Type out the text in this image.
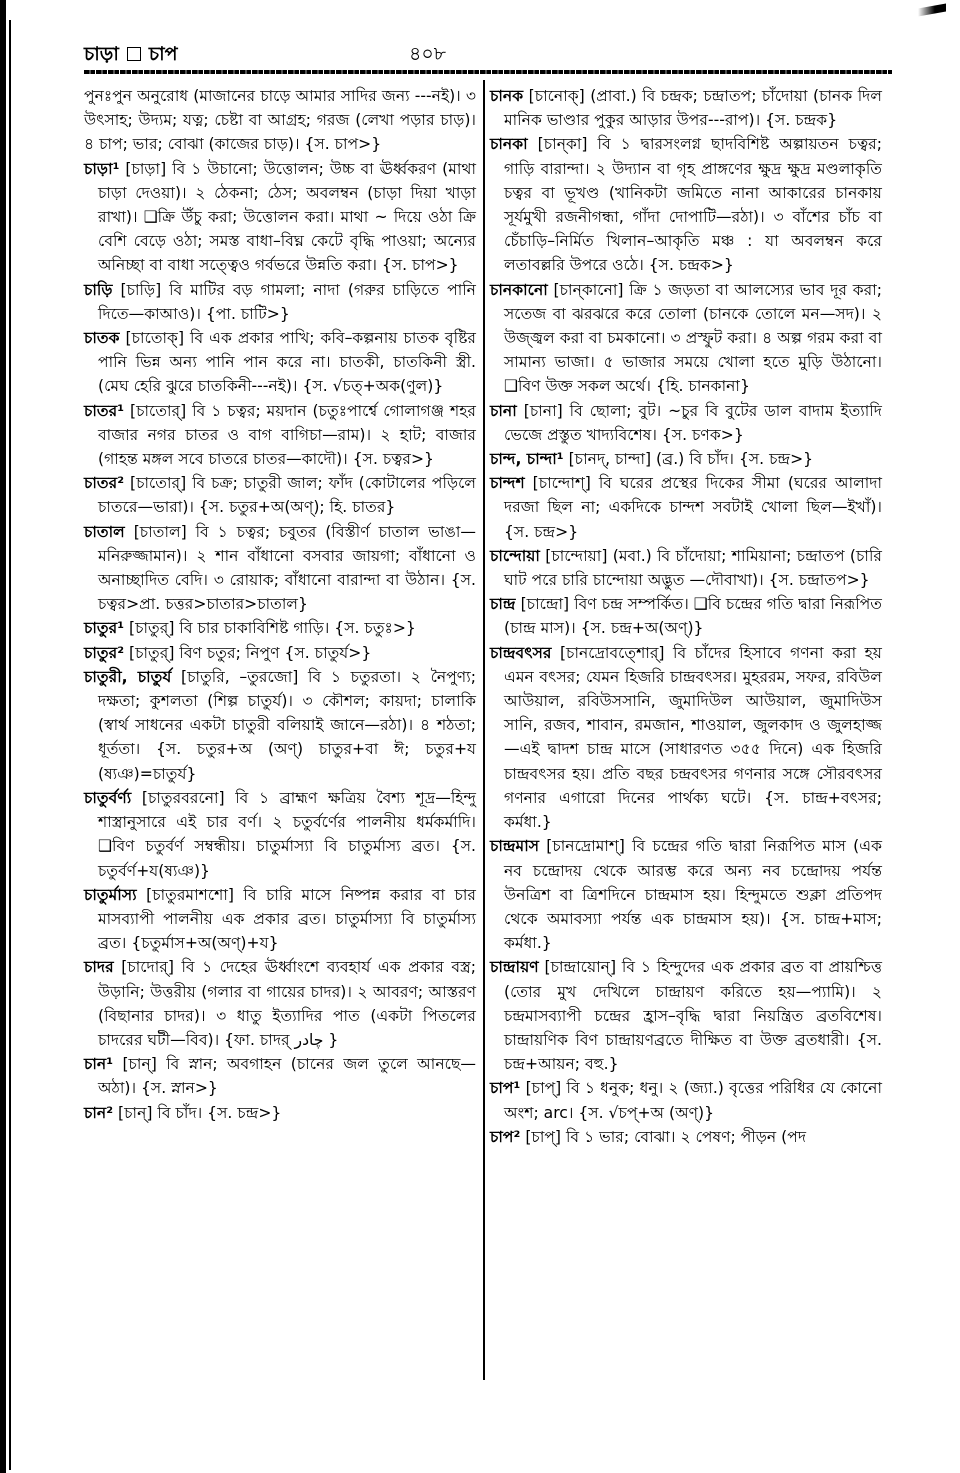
চাড়া চাপ	৪০৮

পুনঃপুন অনুরোধ (মাজানের চাড়ে আমার সাদির জন্য ---নই)। ৩ উৎসাহ; উদ্যম; যত্ন; চেষ্টা বা আগ্রহ; গরজ (লেখা পড়ার চাড়)। ৪ চাপ; ভার; বোঝা (কাজের চাড়)। {স. চাপ>}

চাড়া¹ [চাড়া] বি ১ উচানো; উত্তোলন; উচ্চ বা ঊর্ধ্বকরণ (মাথা চাড়া দেওয়া)। ২ ঠেকনা; ঠেস; অবলম্বন (চাড়া দিয়া খাড়া রাখা)। ❑ক্রি উঁচু করা; উত্তোলন করা। মাথা ~ দিয়ে ওঠা ক্রি বেশি বেড়ে ওঠা; সমস্ত বাধা–বিঘ্ন কেটে বৃদ্ধি পাওয়া; অন্যের অনিচ্ছা বা বাধা সত্ত্বেও গর্বভরে উন্নতি করা। {স. চাপ>}

চাড়ি [চাড়ি] বি মাটির বড় গামলা; নাদা (গরুর চাড়িতে পানি দিতে—কাআও)। {পা. চাটি>}

চাতক [চাতোক্] বি এক প্রকার পাখি; কবি–কল্পনায় চাতক বৃষ্টির পানি ভিন্ন অন্য পানি পান করে না। চাতকী, চাতকিনী স্ত্রী. (মেঘ হেরি ঝুরে চাতকিনী---নই)। {স. √চত্+অক(ণুল)}

চাতর¹ [চাতোর্] বি ১ চত্বর; ময়দান (চতুঃপার্শ্বে গোলাগঞ্জ শহর বাজার নগর চাতর ও বাগ বাগিচা—রাম)। ২ হাট; বাজার (গাহন্ত মঙ্গল সবে চাতরে চাতর—কাদৌ)। {স. চত্বর>}

চাতর² [চাতোর্] বি চক্র; চাতুরী জাল; ফাঁদ (কোটালের পড়িলে চাতরে—ভারা)। {স. চতুর+অ(অণ্); হি. চাতর}

চাতাল [চাতাল] বি ১ চত্বর; চবুতর (বিস্তীর্ণ চাতাল ভাঙা—মনিরুজ্জামান)। ২ শান বাঁধানো বসবার জায়গা; বাঁধানো ও অনাচ্ছাদিত বেদি। ৩ রোয়াক; বাঁধানো বারান্দা বা উঠান। {স. চত্বর>প্রা. চত্তর>চাতার>চাতাল}

চাতুর¹ [চাতুর্] বি চার চাকাবিশিষ্ট গাড়ি। {স. চতুঃ>}

চাতুর² [চাতুর্] বিণ চতুর; নিপুণ {স. চাতুর্য>}

চাতুরী, চাতুর্য [চাতুরি, –তুরজো] বি ১ চতুরতা। ২ নৈপুণ্য; দক্ষতা; কুশলতা (শিল্প চাতুর্য)। ৩ কৌশল; কায়দা; চালাকি (স্বার্থ সাধনের একটা চাতুরী বলিয়াই জানে—রঠা)। ৪ শঠতা; ধূর্ততা। {স. চতুর+অ (অণ্) চাতুর+বা ঈ; চতুর+য (ষ্যঞ)=চাতুর্য}

চাতুর্বর্ণ্য [চাতুরবরনো] বি ১ ব্রাহ্মণ ক্ষত্রিয় বৈশ্য শূদ্র—হিন্দু শাস্ত্রানুসারে এই চার বর্ণ। ২ চতুর্বর্ণের পালনীয় ধর্মকর্মাদি। ❑বিণ চতুর্বর্ণ সম্বন্ধীয়। চাতুর্মাস্যা বি চাতুর্মাস্য ব্রত। {স. চতুর্বর্ণ+য(ষ্যঞ)}

চাতুর্মাস্য [চাতুরমাশশো] বি চারি মাসে নিষ্পন্ন করার বা চার মাসব্যাপী পালনীয় এক প্রকার ব্রত। চাতুর্মাস্যা বি চাতুর্মাস্য ব্রত। {চতুর্মাস+অ(অণ্)+য}

চাদর [চাদোর্] বি ১ দেহের ঊর্ধ্বাংশে ব্যবহার্য এক প্রকার বস্ত্র; উড়ানি; উত্তরীয় (গলার বা গায়ের চাদর)। ২ আবরণ; আস্তরণ (বিছানার চাদর)। ৩ ধাতু ইত্যাদির পাত (একটা পিতলের চাদরের ঘটী—বিব)। {ফা. চাদর্ چادر }

চান¹ [চান্] বি স্নান; অবগাহন (চানের জল তুলে আনছে—অঠা)। {স. স্নান>}

চান² [চান্] বি চাঁদ। {স. চন্দ্র>}

চানক [চানোক্] (প্রাবা.) বি চন্দ্রক; চন্দ্রাতপ; চাঁদোয়া (চানক দিল মানিক ভাণ্ডার পুকুর আড়ার উপর---রাপ)। {স. চন্দ্রক}

চানকা [চান্কা] বি ১ দ্বারসংলগ্ন ছাদবিশিষ্ট অল্পায়তন চত্বর; গাড়ি বারান্দা। ২ উদ্যান বা গৃহ প্রাঙ্গণের ক্ষুদ্র ক্ষুদ্র মণ্ডলাকৃতি চত্বর বা ভূখণ্ড (খানিকটা জমিতে নানা আকারের চানকায় সূর্যমুখী রজনীগন্ধা, গাঁদা দোপাটি—রঠা)। ৩ বাঁশের চাঁচ বা চেঁচাড়ি–নির্মিত খিলান–আকৃতি মঞ্চ : যা অবলম্বন করে লতাবল্লরি উপরে ওঠে। {স. চন্দ্রক>}

চানকানো [চান্কানো] ক্রি ১ জড়তা বা আলস্যের ভাব দূর করা; সতেজ বা ঝরঝরে করে তোলা (চানকে তোলে মন—সদ)। ২ উজ্জ্বল করা বা চমকানো। ৩ প্রস্ফুট করা। ৪ অল্প গরম করা বা সামান্য ভাজা। ৫ ভাজার সময়ে খোলা হতে মুড়ি উঠানো। ❑বিণ উক্ত সকল অর্থে। {হি. চানকানা}

চানা [চানা] বি ছোলা; বুট। ~চুর বি বুটের ডাল বাদাম ইত্যাদি ভেজে প্রস্তুত খাদ্যবিশেষ। {স. চণক>}

চান্দ, চান্দা¹ [চানদ্, চান্দা] (ব্র.) বি চাঁদ। {স. চন্দ্র>}

চান্দশ [চান্দোশ্] বি ঘরের প্রস্থের দিকের সীমা (ঘরের আলাদা দরজা ছিল না; একদিকে চান্দশ সবটাই খোলা ছিল—ইখাঁ)। {স. চন্দ্র>}

চান্দোয়া [চান্দোয়া] (মবা.) বি চাঁদোয়া; শামিয়ানা; চন্দ্রাতপ (চারি ঘাট পরে চারি চান্দোয়া অদ্ভুত —দৌবাখা)। {স. চন্দ্রাতপ>}

চান্দ্র [চান্দ্রো] বিণ চন্দ্র সম্পর্কিত। ❑বি চন্দ্রের গতি দ্বারা নিরূপিত (চান্দ্র মাস)। {স. চন্দ্র+অ(অণ্)}

চান্দ্রবৎসর [চানদ্রোবত্শোর্] বি চাঁদের হিসাবে গণনা করা হয় এমন বৎসর; যেমন হিজরি চান্দ্রবৎসর। মুহররম, সফর, রবিউল আউয়াল, রবিউসসানি, জুমাদিউল আউয়াল, জুমাদিউস সানি, রজব, শাবান, রমজান, শাওয়াল, জুলকাদ ও জুলহাজ্জ—এই দ্বাদশ চান্দ্র মাসে (সাধারণত ৩৫৫ দিনে) এক হিজরি চান্দ্রবৎসর হয়। প্রতি বছর চন্দ্রবৎসর গণনার সঙ্গে সৌরবৎসর গণনার এগারো দিনের পার্থক্য ঘটে। {স. চান্দ্র+বৎসর; কর্মধা.}

চান্দ্রমাস [চানদ্রোমাশ্] বি চন্দ্রের গতি দ্বারা নিরূপিত মাস (এক নব চন্দ্রোদয় থেকে আরম্ভ করে অন্য নব চন্দ্রোদয় পর্যন্ত উনত্রিশ বা ত্রিশদিনে চান্দ্রমাস হয়। হিন্দুমতে শুক্লা প্রতিপদ থেকে অমাবস্যা পর্যন্ত এক চান্দ্রমাস হয়)। {স. চান্দ্র+মাস; কর্মধা.}

চান্দ্রায়ণ [চান্দ্রায়োন্] বি ১ হিন্দুদের এক প্রকার ব্রত বা প্রায়শ্চিত্ত (তোর মুখ দেখিলে চান্দ্রায়ণ করিতে হয়—প্যামি)। ২ চন্দ্রমাসব্যাপী চন্দ্রের হ্রাস–বৃদ্ধি দ্বারা নিয়ন্ত্রিত ব্রতবিশেষ। চান্দ্রায়ণিক বিণ চান্দ্রায়ণব্রতে দীক্ষিত বা উক্ত ব্রতধারী। {স. চন্দ্র+আয়ন; বহু.}

চাপ¹ [চাপ্] বি ১ ধনুক; ধনু। ২ (জ্যা.) বৃত্তের পরিধির যে কোনো অংশ; arc। {স. √চপ্+অ (অণ্)}

চাপ² [চাপ্] বি ১ ভার; বোঝা। ২ পেষণ; পীড়ন (পদ
